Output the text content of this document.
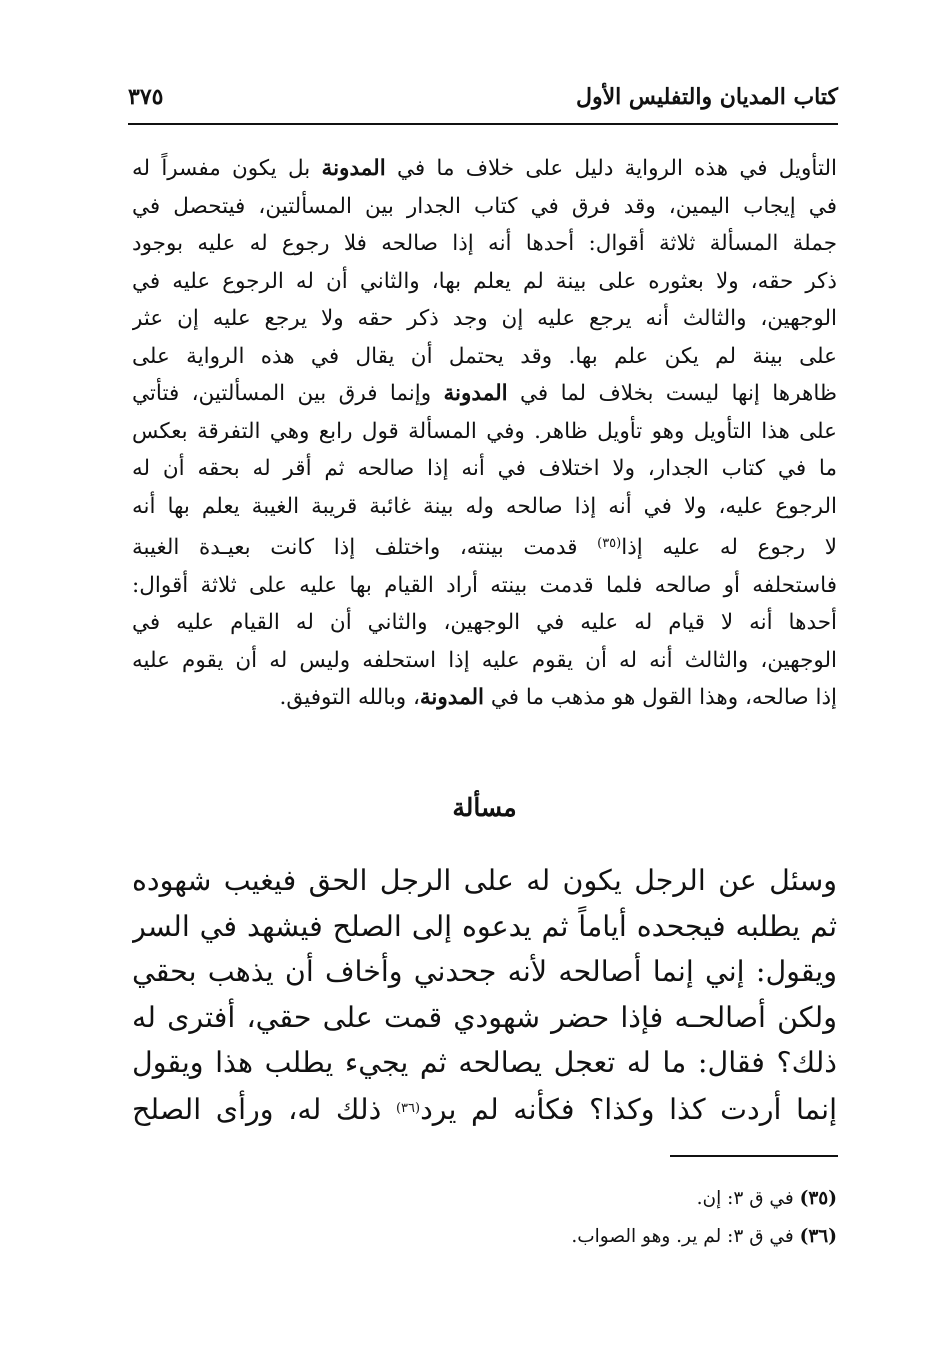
كتاب المديان والتفليس الأول
٣٧٥
التأويل في هذه الرواية دليل على خلاف ما في المدونة بل يكون مفسراً له
في إيجاب اليمين، وقد فرق في كتاب الجدار بين المسألتين، فيتحصل في
جملة المسألة ثلاثة أقوال: أحدها أنه إذا صالحه فلا رجوع له عليه بوجود
ذكر حقه، ولا بعثوره على بينة لم يعلم بها، والثاني أن له الرجوع عليه في
الوجهين، والثالث أنه يرجع عليه إن وجد ذكر حقه ولا يرجع عليه إن عثر
على بينة لم يكن علم بها. وقد يحتمل أن يقال في هذه الرواية على
ظاهرها إنها ليست بخلاف لما في المدونة وإنما فرق بين المسألتين، فتأتي
على هذا التأويل وهو تأويل ظاهر. وفي المسألة قول رابع وهي التفرقة بعكس
ما في كتاب الجدار، ولا اختلاف في أنه إذا صالحه ثم أقر له بحقه أن له
الرجوع عليه، ولا في أنه إذا صالحه وله بينة غائبة قريبة الغيبة يعلم بها أنه
لا رجوع له عليه إذا$^{(٣٥)}$ قدمت بينته، واختلف إذا كانت بعيـدة الغيبة
فاستحلفه أو صالحه فلما قدمت بينته أراد القيام بها عليه على ثلاثة أقوال:
أحدها أنه لا قيام له عليه في الوجهين، والثاني أن له القيام عليه في
الوجهين، والثالث أنه له أن يقوم عليه إذا استحلفه وليس له أن يقوم عليه
إذا صالحه، وهذا القول هو مذهب ما في المدونة، وبالله التوفيق.
مسألة
وسئل عن الرجل يكون له على الرجل الحق فيغيب شهوده
ثم يطلبه فيجحده أياماً ثم يدعوه إلى الصلح فيشهد في السر
ويقول: إني إنما أصالحه لأنه جحدني وأخاف أن يذهب بحقي
ولكن أصالحـه فإذا حضر شهودي قمت على حقي، أفترى له
ذلك؟ فقال: ما له تعجل يصالحه ثم يجيء يطلب هذا ويقول
إنما أردت كذا وكذا؟ فكأنه لم يرد$^{(٣٦)}$ ذلك له، ورأى الصلح
(٣٥) في ق ٣: إن.
(٣٦) في ق ٣: لم ير. وهو الصواب.
